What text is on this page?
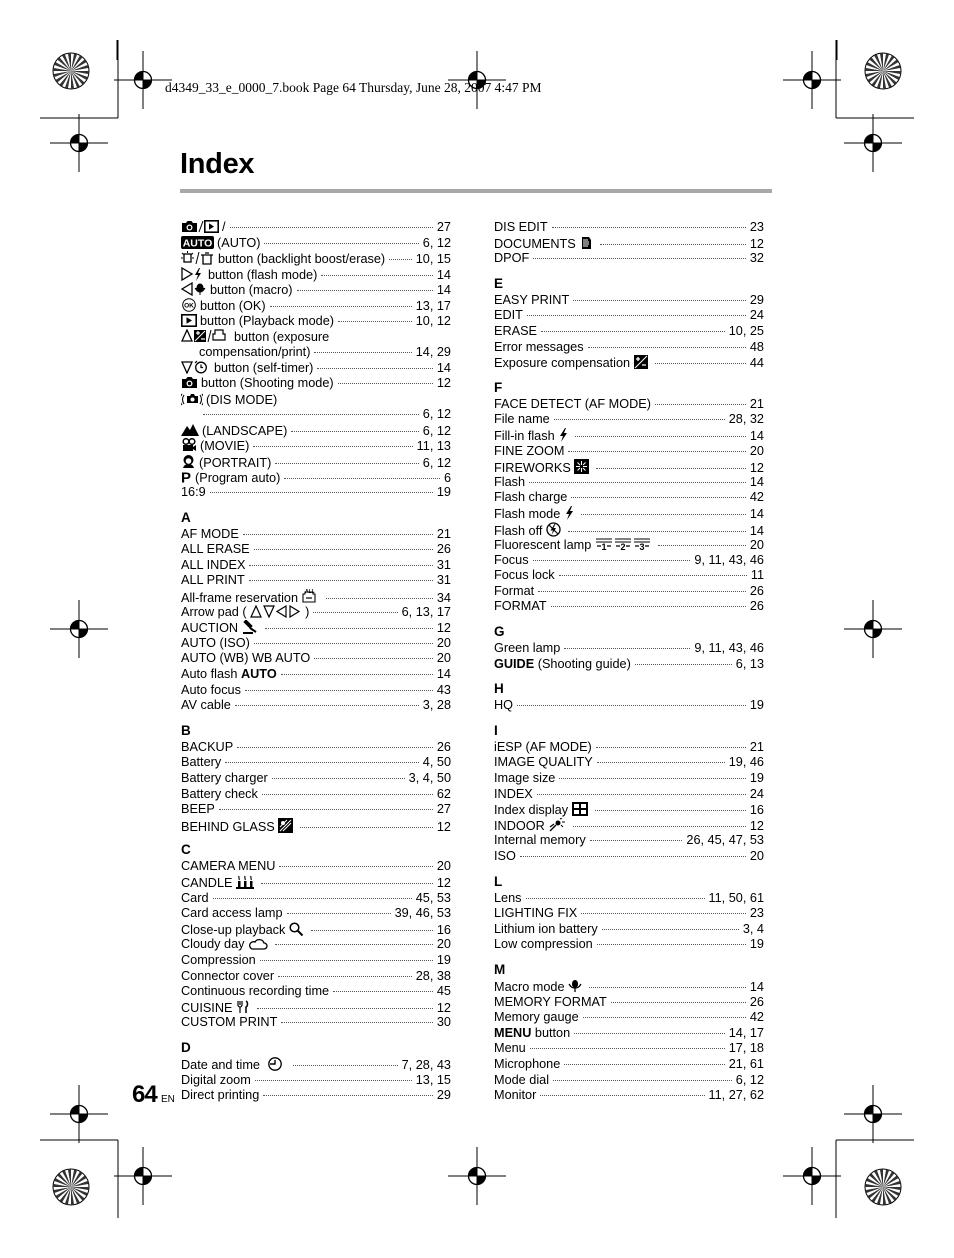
d4349_33_e_0000_7.book Page 64 Thursday, June 28, 2007 4:47 PM
Index
/	27
AUTO (AUTO)	6, 12
button (backlight boost/erase) 10, 15
button (flash mode)	14
button (macro)	14
OK button (OK)	13, 17
button (Playback mode)	10, 12
button (exposure
compensation/print)	14, 29
button (self-timer)	14
button (Shooting mode)	12
(DIS MODE)
6, 12
(LANDSCAPE)	6, 12
(MOVIE)	11, 13
(PORTRAIT)	6, 12
P (Program auto)	6
16:9	19
A
AF MODE	21
ALL ERASE	26
ALL INDEX	31
ALL PRINT	31
All-frame reservation ALL	34
Arrow pad (	)	6, 13, 17
AUCTION	12
AUTO (ISO)	20
AUTO (WB) WB AUTO	20
Auto flash AUTO	14
Auto focus	43
AV cable	3, 28
B
BACKUP	26
Battery	4, 50
Battery charger	3, 4, 50
Battery check	62
BEEP	27
BEHIND GLASS	12
C
CAMERA MENU	20
CANDLE	12
Card	45, 53
Card access lamp	39, 46, 53
Close-up playback	16
Cloudy day	20
Compression	19
Connector cover	28, 38
Continuous recording time	45
CUISINE	12
CUSTOM PRINT	30
D
Date and time	7, 28, 43
Digital zoom	13, 15
Direct printing	29
DIS EDIT	23
DOCUMENTS	12
DPOF	32
E
EASY PRINT	29
EDIT	24
ERASE	10, 25
Error messages	48
Exposure compensation	44
F
FACE DETECT (AF MODE)	21
File name	28, 32
Fill-in flash	14
FINE ZOOM	20
FIREWORKS	12
Flash	14
Flash charge	42
Flash mode	14
Flash off	14
Fluorescent lamp 1 2 3	20
Focus	9, 11, 43, 46
Focus lock	11
Format	26
FORMAT	26
G
Green lamp	9, 11, 43, 46
GUIDE (Shooting guide)	6, 13
H
HQ	19
I
iESP (AF MODE)	21
IMAGE QUALITY	19, 46
Image size	19
INDEX	24
Index display	16
INDOOR	12
Internal memory	26, 45, 47, 53
ISO	20
L
Lens	11, 50, 61
LIGHTING FIX	23
Lithium ion battery	3, 4
Low compression	19
M
Macro mode	14
MEMORY FORMAT	26
Memory gauge	42
MENU button	14, 17
Menu	17, 18
Microphone	21, 61
Mode dial	6, 12
Monitor	11, 27, 62
64 EN
